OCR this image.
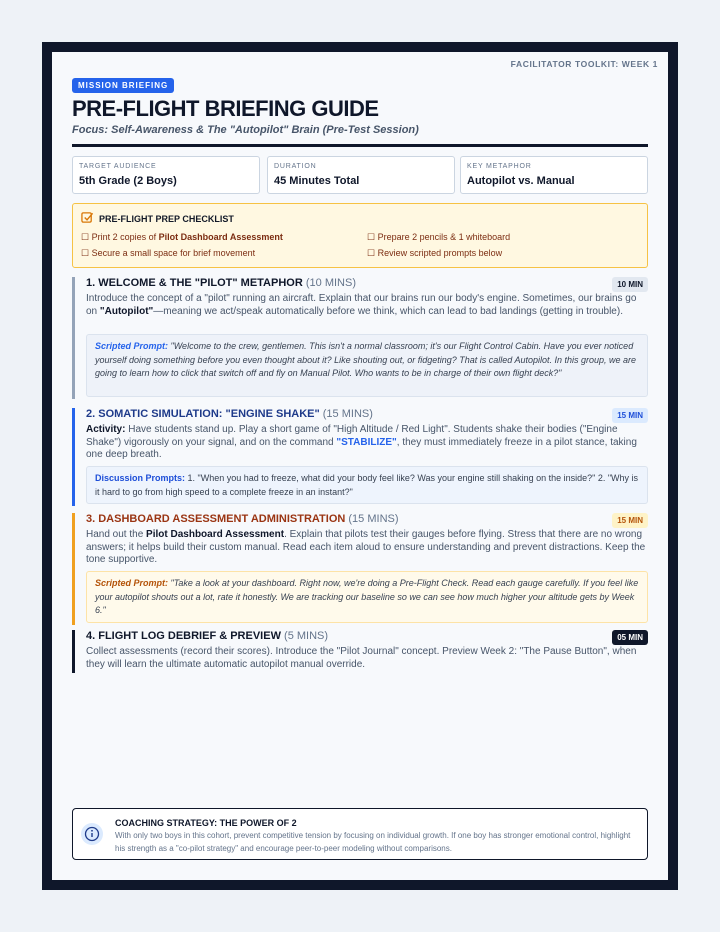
FACILITATOR TOOLKIT: WEEK 1
MISSION BRIEFING
PRE-FLIGHT BRIEFING GUIDE
Focus: Self-Awareness & The "Autopilot" Brain (Pre-Test Session)
TARGET AUDIENCE
5th Grade (2 Boys)
DURATION
45 Minutes Total
KEY METAPHOR
Autopilot vs. Manual
PRE-FLIGHT PREP CHECKLIST
☐ Print 2 copies of Pilot Dashboard Assessment	☐ Prepare 2 pencils & 1 whiteboard
☐ Secure a small space for brief movement	☐ Review scripted prompts below
1. WELCOME & THE "PILOT" METAPHOR (10 MINS)	10 MIN
Introduce the concept of a "pilot" running an aircraft. Explain that our brains run our body's engine. Sometimes, our brains go on "Autopilot"—meaning we act/speak automatically before we think, which can lead to bad landings (getting in trouble).
Scripted Prompt: "Welcome to the crew, gentlemen. This isn't a normal classroom; it's our Flight Control Cabin. Have you ever noticed yourself doing something before you even thought about it? Like shouting out, or fidgeting? That is called Autopilot. In this group, we are going to learn how to click that switch off and fly on Manual Pilot. Who wants to be in charge of their own flight deck?"
2. SOMATIC SIMULATION: "ENGINE SHAKE" (15 MINS)	15 MIN
Activity: Have students stand up. Play a short game of "High Altitude / Red Light". Students shake their bodies ("Engine Shake") vigorously on your signal, and on the command "STABILIZE", they must immediately freeze in a pilot stance, taking one deep breath.
Discussion Prompts: 1. "When you had to freeze, what did your body feel like? Was your engine still shaking on the inside?" 2. "Why is it hard to go from high speed to a complete freeze in an instant?"
3. DASHBOARD ASSESSMENT ADMINISTRATION (15 MINS)	15 MIN
Hand out the Pilot Dashboard Assessment. Explain that pilots test their gauges before flying. Stress that there are no wrong answers; it helps build their custom manual. Read each item aloud to ensure understanding and prevent distractions. Keep the tone supportive.
Scripted Prompt: "Take a look at your dashboard. Right now, we're doing a Pre-Flight Check. Read each gauge carefully. If you feel like your autopilot shouts out a lot, rate it honestly. We are tracking our baseline so we can see how much higher your altitude gets by Week 6."
4. FLIGHT LOG DEBRIEF & PREVIEW (5 MINS)	05 MIN
Collect assessments (record their scores). Introduce the "Pilot Journal" concept. Preview Week 2: "The Pause Button", when they will learn the ultimate automatic autopilot manual override.
COACHING STRATEGY: THE POWER OF 2
With only two boys in this cohort, prevent competitive tension by focusing on individual growth. If one boy has stronger emotional control, highlight his strength as a "co-pilot strategy" and encourage peer-to-peer modeling without comparisons.
